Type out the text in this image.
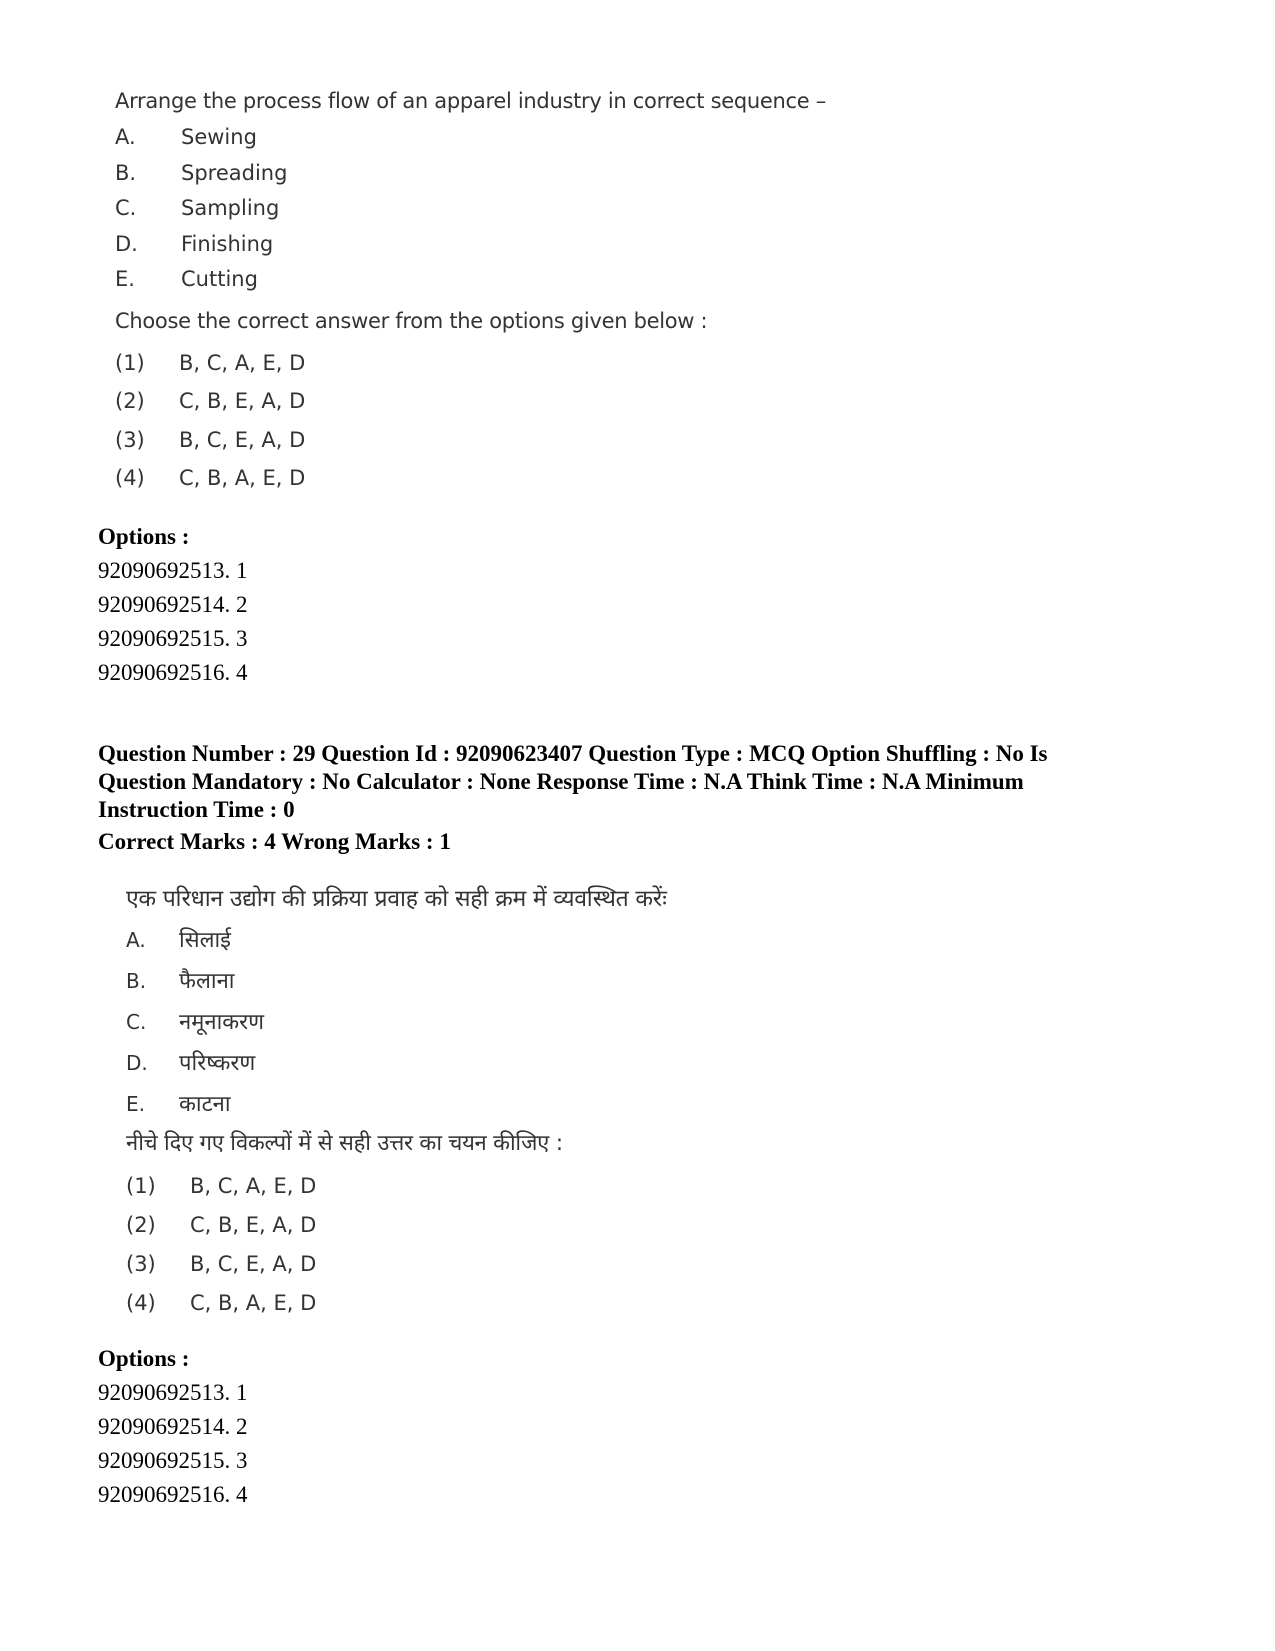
Arrange the process flow of an apparel industry in correct sequence –
A. Sewing
B. Spreading
C. Sampling
D. Finishing
E. Cutting
Choose the correct answer from the options given below :
(1) B, C, A, E, D
(2) C, B, E, A, D
(3) B, C, E, A, D
(4) C, B, A, E, D
Options :
92090692513. 1
92090692514. 2
92090692515. 3
92090692516. 4
Question Number : 29 Question Id : 92090623407 Question Type : MCQ Option Shuffling : No Is
Question Mandatory : No Calculator : None Response Time : N.A Think Time : N.A Minimum
Instruction Time : 0
Correct Marks : 4 Wrong Marks : 1
एक परिधान उद्योग की प्रक्रिया प्रवाह को सही क्रम में व्यवस्थित करेंः
A. सिलाई
B. फैलाना
C. नमूनाकरण
D. परिष्करण
E. काटना
नीचे दिए गए विकल्पों में से सही उत्तर का चयन कीजिए :
(1) B, C, A, E, D
(2) C, B, E, A, D
(3) B, C, E, A, D
(4) C, B, A, E, D
Options :
92090692513. 1
92090692514. 2
92090692515. 3
92090692516. 4
